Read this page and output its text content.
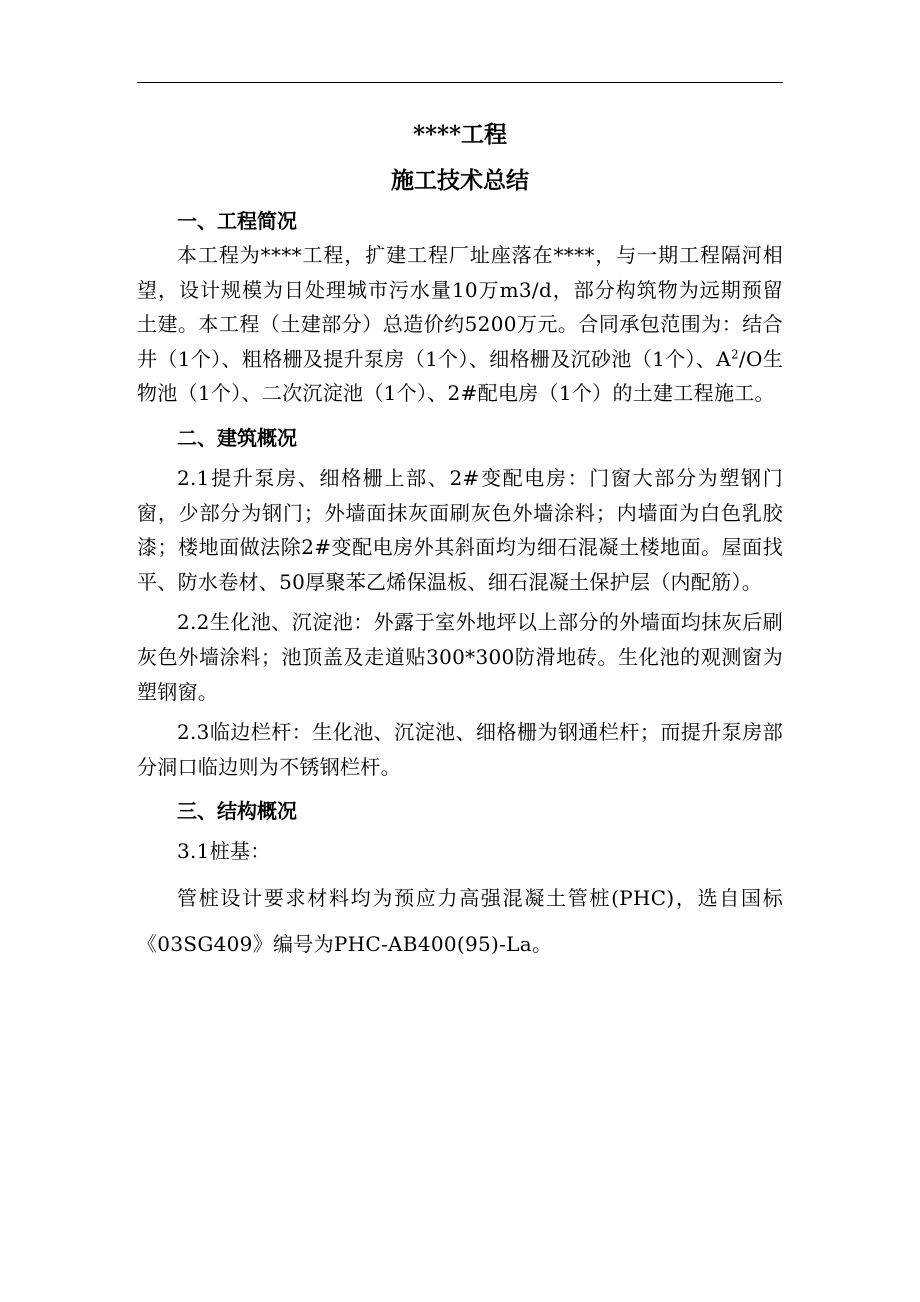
****工程
施工技术总结
一、工程简况

本工程为****工程，扩建工程厂址座落在****，与一期工程隔河相望，设计规模为日处理城市污水量10万m3/d，部分构筑物为远期预留土建。本工程（土建部分）总造价约5200万元。合同承包范围为：结合井（1个）、粗格栅及提升泵房（1个）、细格栅及沉砂池（1个）、$A^2/O$生物池（1个）、二次沉淀池（1个）、2#配电房（1个）的土建工程施工。

二、建筑概况

2.1提升泵房、细格栅上部、2#变配电房：门窗大部分为塑钢门窗，少部分为钢门；外墙面抹灰面刷灰色外墙涂料；内墙面为白色乳胶漆；楼地面做法除2#变配电房外其斜面均为细石混凝土楼地面。屋面找平、防水卷材、50厚聚苯乙烯保温板、细石混凝土保护层（内配筋）。

2.2生化池、沉淀池：外露于室外地坪以上部分的外墙面均抹灰后刷灰色外墙涂料；池顶盖及走道贴300*300防滑地砖。生化池的观测窗为塑钢窗。

2.3临边栏杆：生化池、沉淀池、细格栅为钢通栏杆；而提升泵房部分洞口临边则为不锈钢栏杆。

三、结构概况

3.1桩基：

管桩设计要求材料均为预应力高强混凝土管桩(PHC)，选自国标《03SG409》编号为PHC-AB400(95)-La。
